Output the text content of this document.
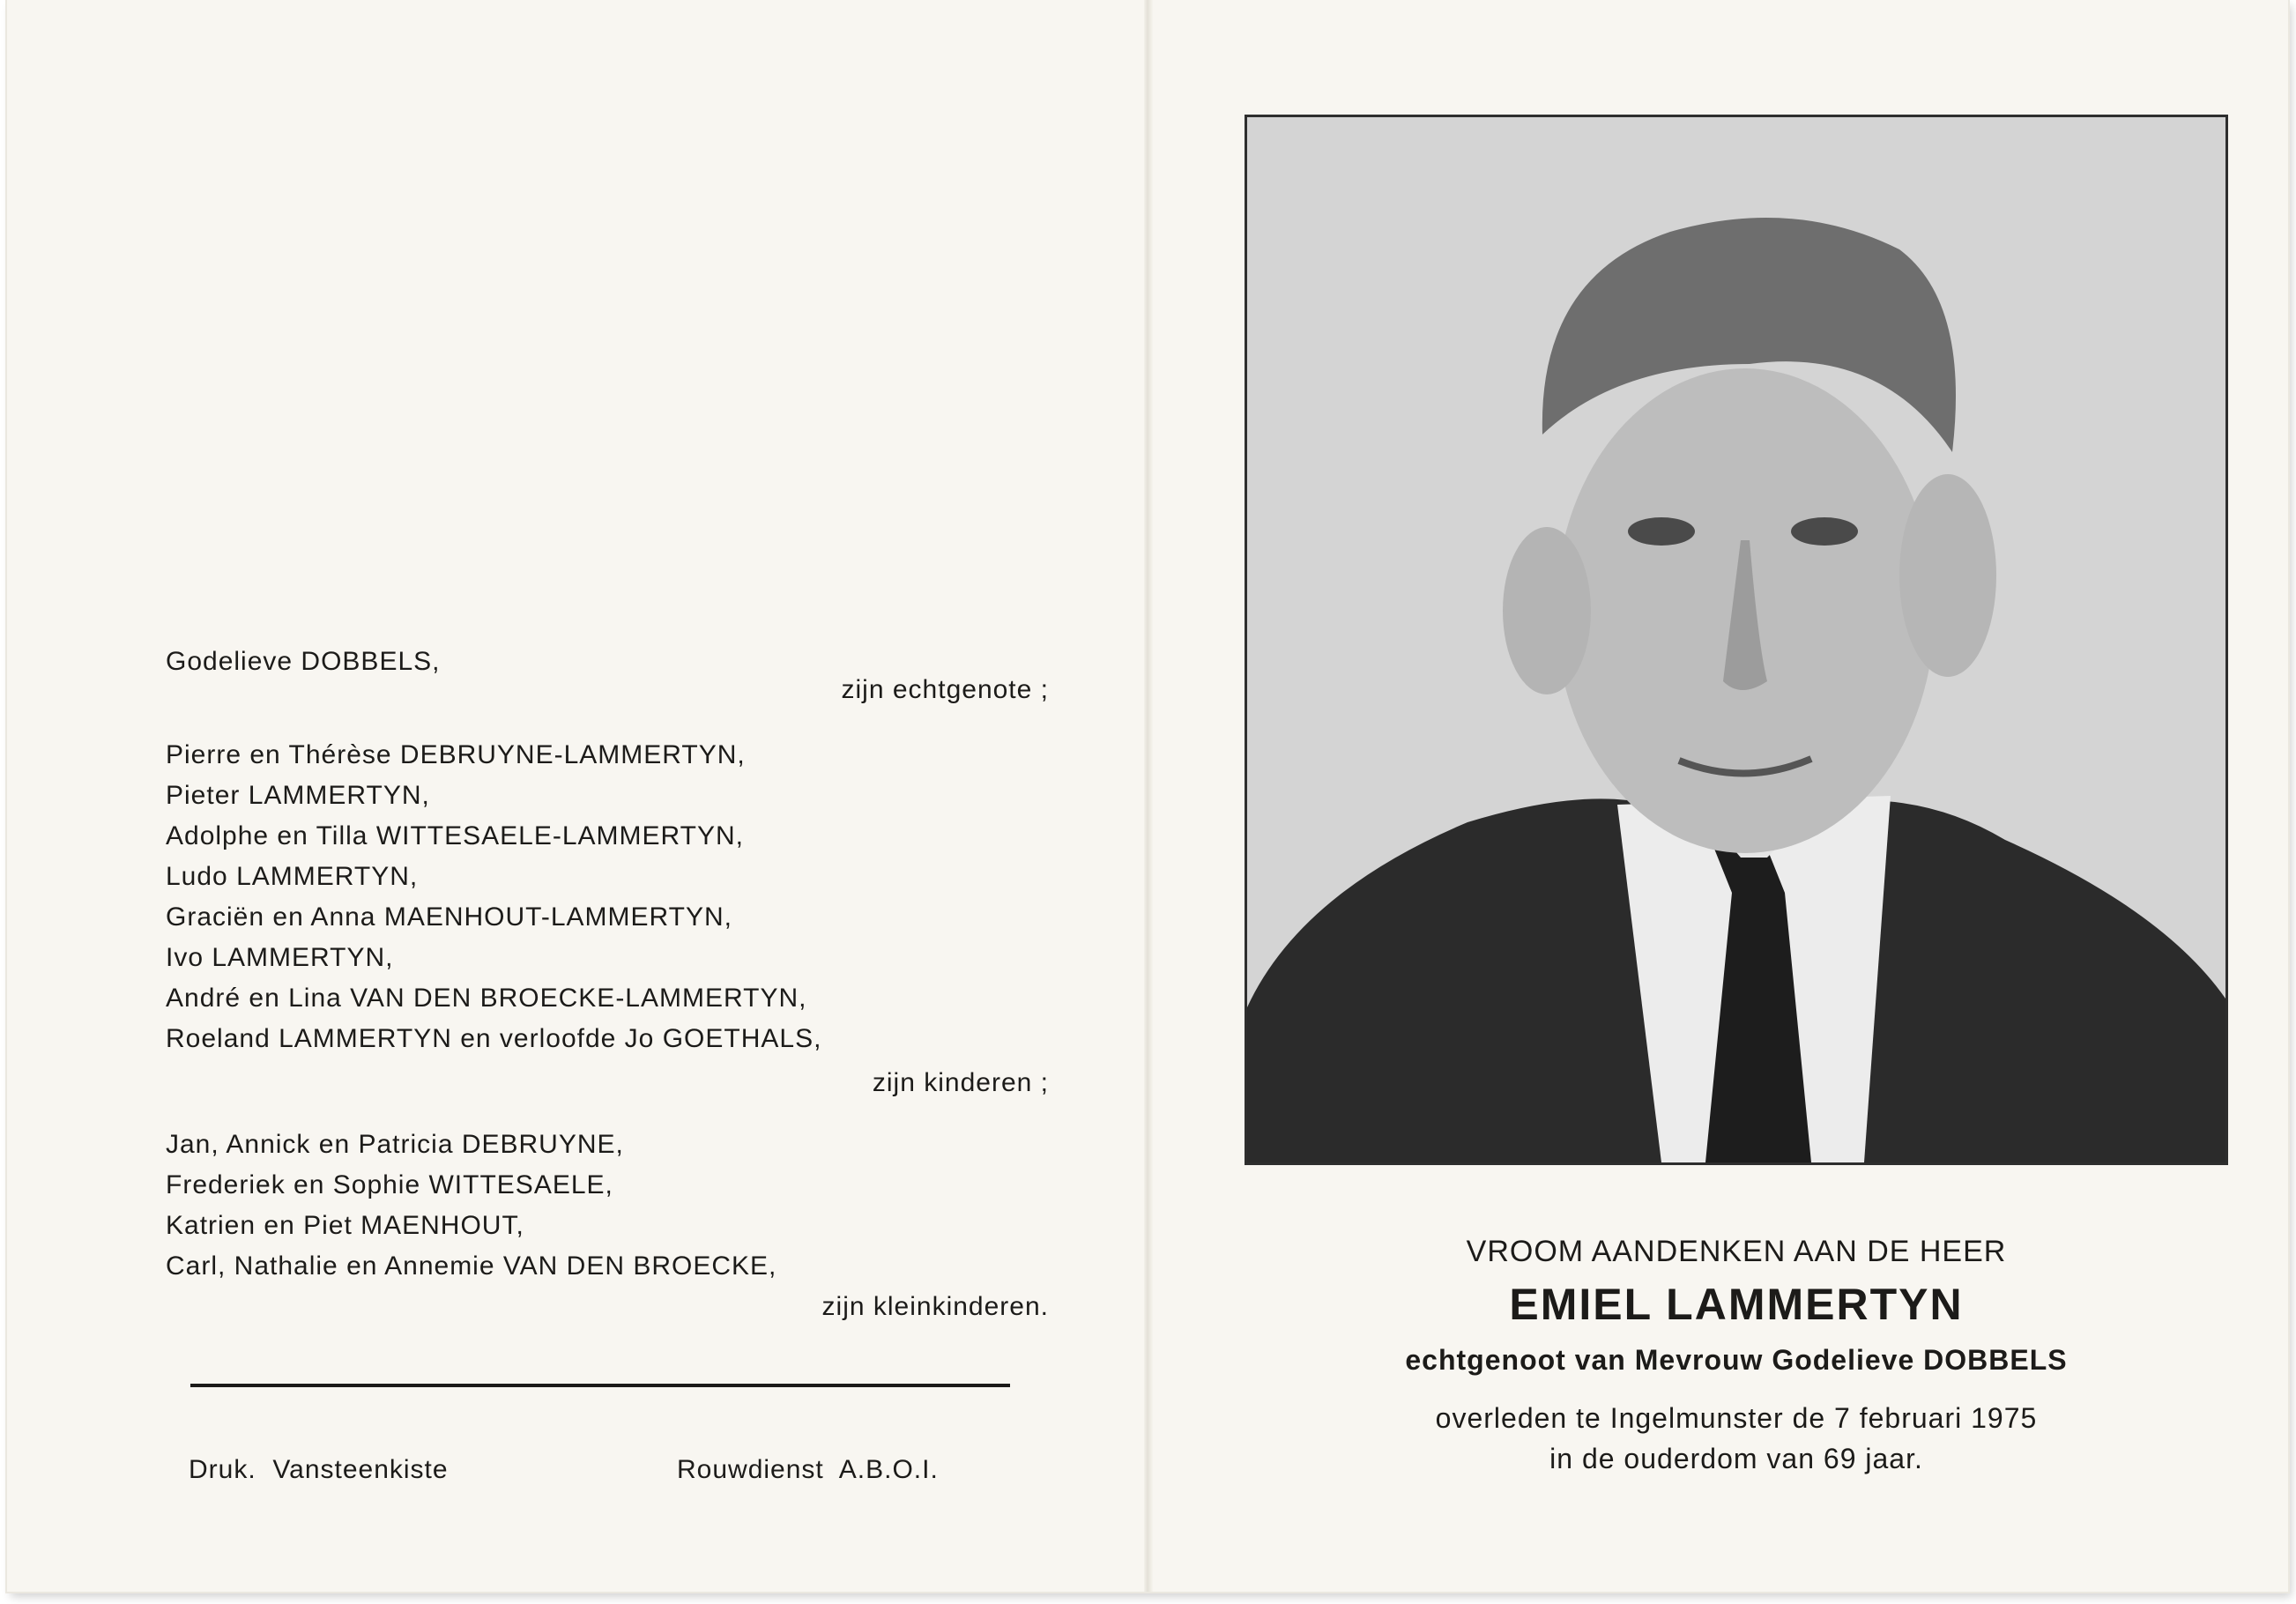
Godelieve DOBBELS,
zijn echtgenote ;
Pierre en Thérèse DEBRUYNE-LAMMERTYN,
Pieter LAMMERTYN,
Adolphe en Tilla WITTESAELE-LAMMERTYN,
Ludo LAMMERTYN,
Graciën en Anna MAENHOUT-LAMMERTYN,
Ivo LAMMERTYN,
André en Lina VAN DEN BROECKE-LAMMERTYN,
Roeland LAMMERTYN en verloofde Jo GOETHALS,
zijn kinderen ;
Jan, Annick en Patricia DEBRUYNE,
Frederiek en Sophie WITTESAELE,
Katrien en Piet MAENHOUT,
Carl, Nathalie en Annemie VAN DEN BROECKE,
zijn kleinkinderen.
Druk.  Vansteenkiste	Rouwdienst  A.B.O.I.
VROOM AANDENKEN AAN DE HEER
EMIEL LAMMERTYN
echtgenoot van Mevrouw Godelieve DOBBELS
overleden te Ingelmunster de 7 februari 1975
in de ouderdom van 69 jaar.
